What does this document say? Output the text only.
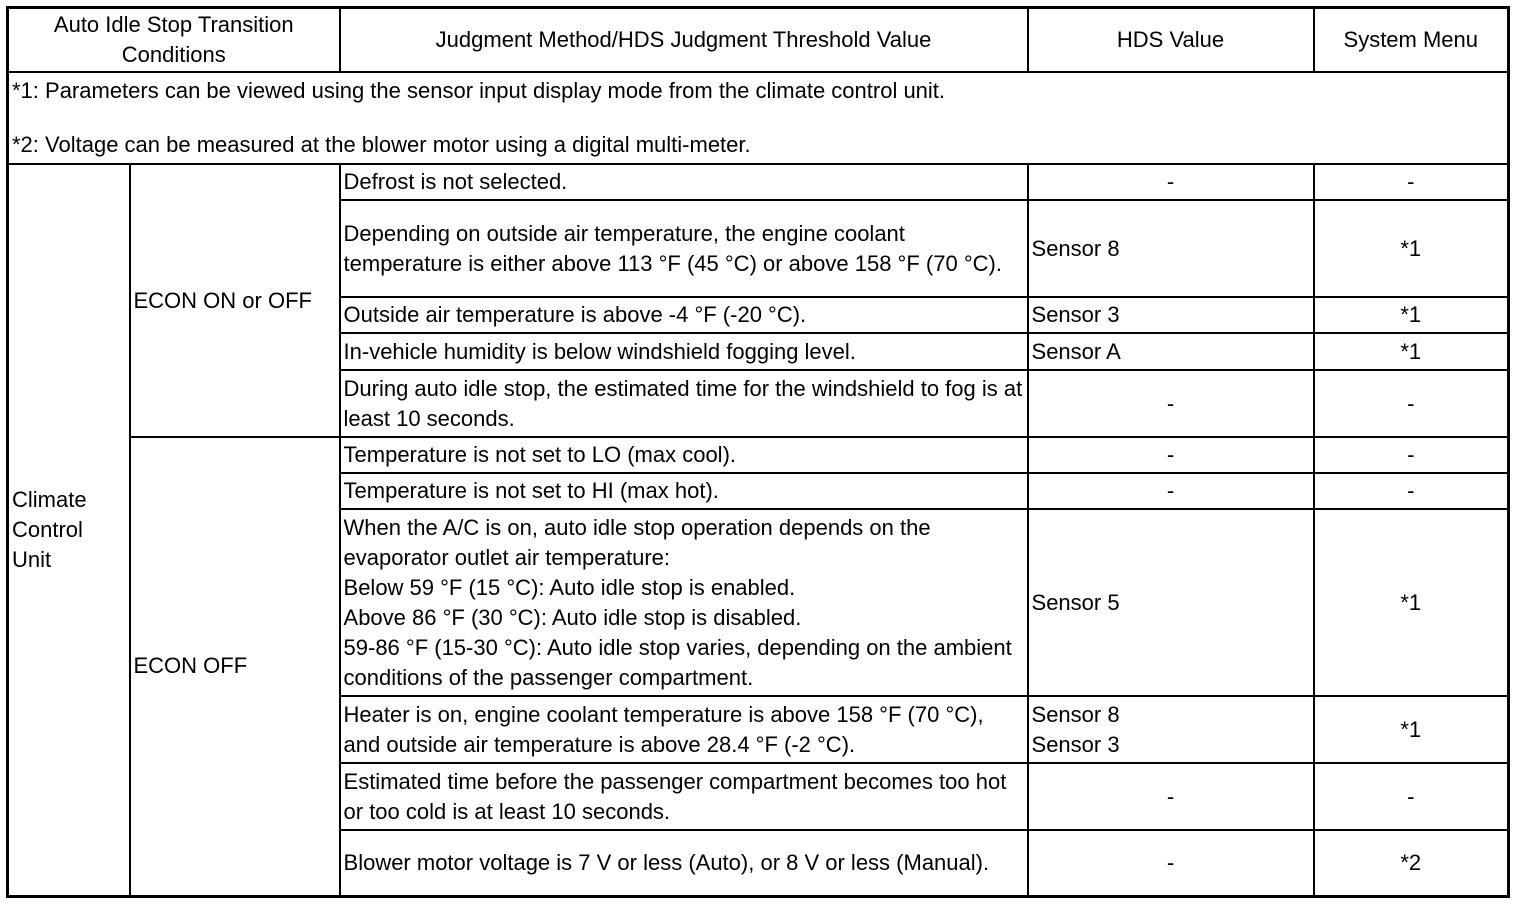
Auto Idle Stop Transition
Conditions		Judgment Method/HDS Judgment Threshold Value	HDS Value	System Menu

*1: Parameters can be viewed using the sensor input display mode from the climate control unit.
*2: Voltage can be measured at the blower motor using a digital multi-meter.				

Climate
Control
Unit	ECON ON or OFF	Defrost is not selected.	-	-
		Depending on outside air temperature, the engine coolant temperature is either above 113 °F (45 °C) or above 158 °F (70 °C).	Sensor 8	*1
		Outside air temperature is above -4 °F (-20 °C).	Sensor 3	*1
		In-vehicle humidity is below windshield fogging level.	Sensor A	*1
		During auto idle stop, the estimated time for the windshield to fog is at least 10 seconds.	-	-
	ECON OFF	Temperature is not set to LO (max cool).	-	-
		Temperature is not set to HI (max hot).	-	-
		When the A/C is on, auto idle stop operation depends on the evaporator outlet air temperature:
Below 59 °F (15 °C): Auto idle stop is enabled.
Above 86 °F (30 °C): Auto idle stop is disabled.
59-86 °F (15-30 °C): Auto idle stop varies, depending on the ambient conditions of the passenger compartment.	Sensor 5	*1
		Heater is on, engine coolant temperature is above 158 °F (70 °C), and outside air temperature is above 28.4 °F (-2 °C).	Sensor 8
Sensor 3	*1
		Estimated time before the passenger compartment becomes too hot or too cold is at least 10 seconds.	-	-
		Blower motor voltage is 7 V or less (Auto), or 8 V or less (Manual).	-	*2
